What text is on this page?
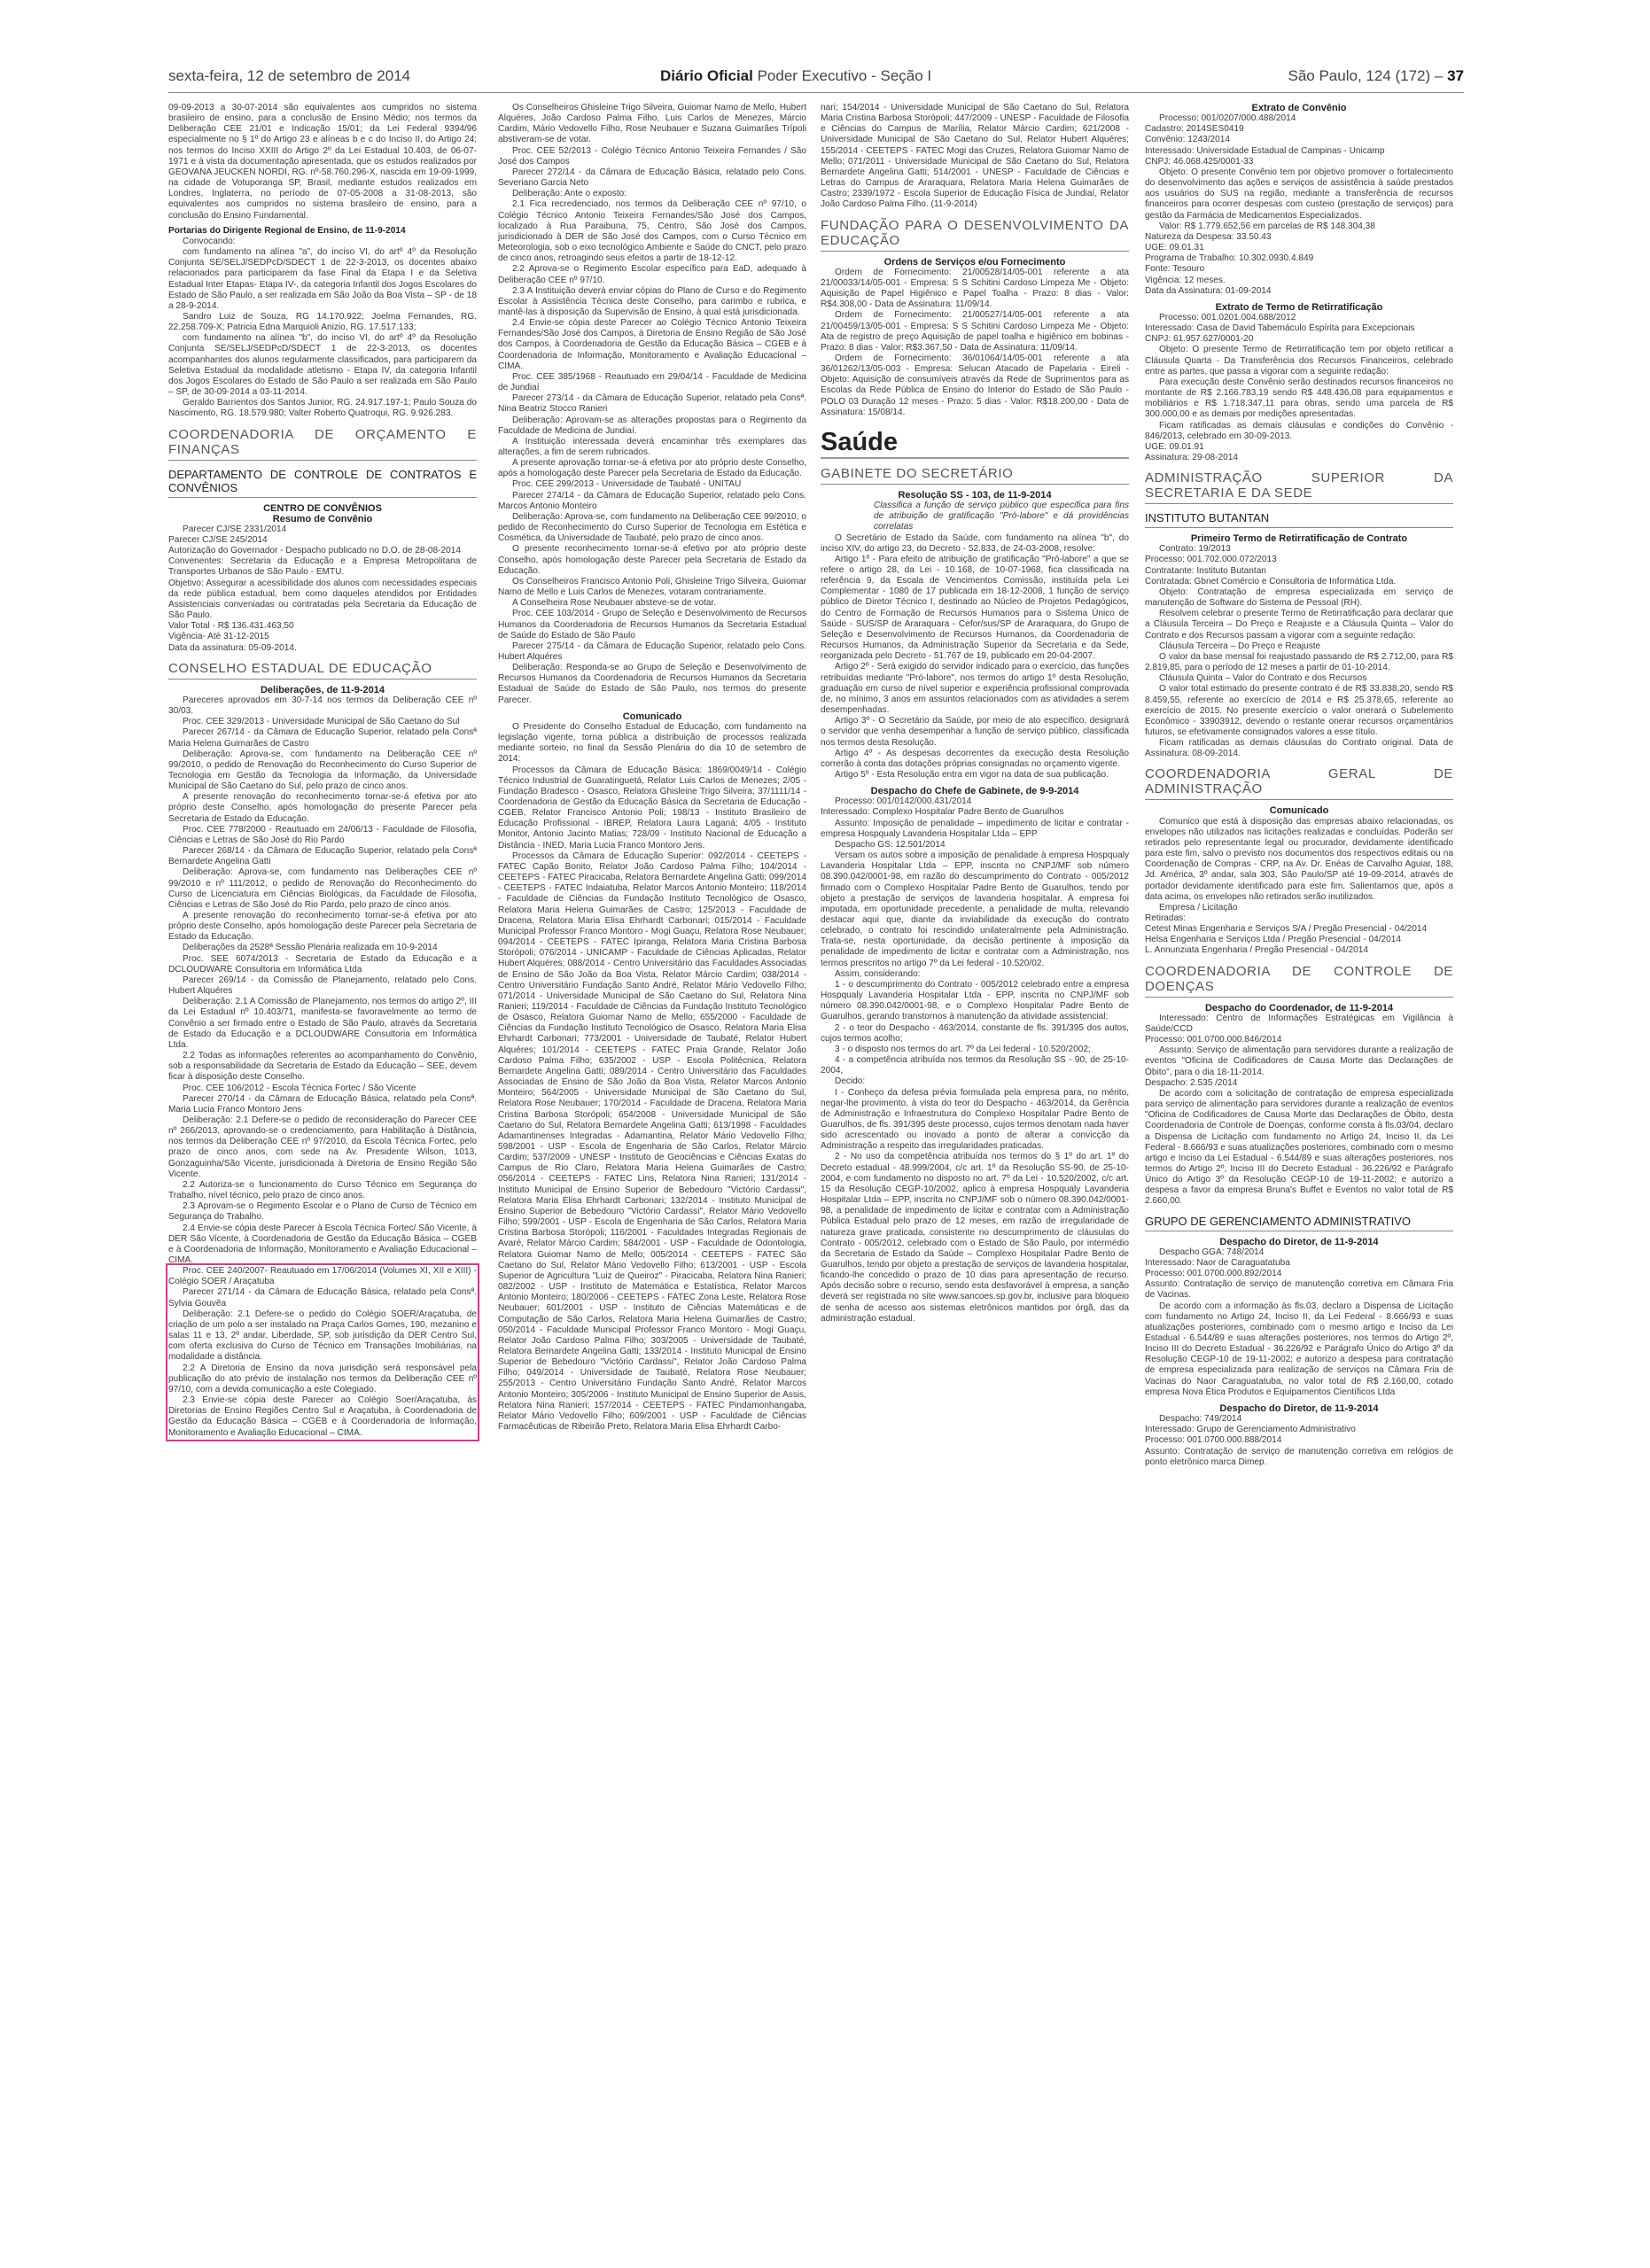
sexta-feira, 12 de setembro de 2014	Diário Oficial Poder Executivo - Seção I	São Paulo, 124 (172) – 37

09-09-2013 a 30-07-2014 são equivalentes aos cumpridos no sistema brasileiro de ensino, para a conclusão de Ensino Médio; nos termos da Deliberação CEE 21/01 e Indicação 15/01; da Lei Federal 9394/96 especialmente no § 1º do Artigo 23 e alíneas b e c do Inciso II, do Artigo 24; nos termos do Inciso XXIII do Artigo 2º da Lei Estadual 10.403, de 06-07-1971 e à vista da documentação apresentada, que os estudos realizados por GEOVANA JEUCKEN NORDI, RG. nº-58.760.296-X, nascida em 19-09-1999, na cidade de Votuporanga SP, Brasil, mediante estudos realizados em Londres, Inglaterra, no período de 07-05-2008 a 31-08-2013, são equivalentes aos cumpridos no sistema brasileiro de ensino, para a conclusão do Ensino Fundamental.

Portarias do Dirigente Regional de Ensino, de 11-9-2014

Convocando:

com fundamento na alínea "a", do inciso VI, do artº 4º da Resolução Conjunta SE/SELJ/SEDPcD/SDECT 1 de 22-3-2013, os docentes abaixo relacionados para participarem da fase Final da Etapa I e da Seletiva Estadual Inter Etapas- Etapa IV-, da categoria Infantil dos Jogos Escolares do Estado de São Paulo, a ser realizada em São João da Boa Vista – SP - de 18 a 28-9-2014.

Sandro Luiz de Souza, RG 14.170.922; Joelma Fernandes, RG. 22.258.709-X; Patricia Edna Marquioli Anizio, RG. 17.517.133;

com fundamento na alínea "b", do inciso VI, do artº 4º da Resolução Conjunta SE/SELJ/SEDPcD/SDECT 1 de 22-3-2013, os docentes acompanhantes dos alunos regularmente classificados, para participarem da Seletiva Estadual da modalidade atletismo - Etapa IV, da categoria Infantil dos Jogos Escolares do Estado de São Paulo a ser realizada em São Paulo – SP, de 30-09-2014 a 03-11-2014.

Geraldo Barrientos dos Santos Junior, RG. 24.917.197-1; Paulo Souza do Nascimento, RG. 18.579.980; Valter Roberto Quatroqui, RG. 9.926.283.

COORDENADORIA DE ORÇAMENTO E FINANÇAS
DEPARTAMENTO DE CONTROLE DE CONTRATOS E CONVÊNIOS

CENTRO DE CONVÊNIOS

Resumo de Convênio

Parecer CJ/SE 2331/2014
Parecer CJ/SE 245/2014
Autorização do Governador - Despacho publicado no D.O. de 28-08-2014
Convenentes: Secretaria da Educação e a Empresa Metropolitana de Transportes Urbanos de São Paulo - EMTU.
Objetivo: Assegurar a acessibilidade dos alunos com necessidades especiais da rede pública estadual, bem como daqueles atendidos por Entidades Assistenciais conveniadas ou contratadas pela Secretaria da Educação de São Paulo.
Valor Total - R$ 136.431.463,50
Vigência- Até 31-12-2015
Data da assinatura: 05-09-2014.

CONSELHO ESTADUAL DE EDUCAÇÃO

Deliberações, de 11-9-2014

Pareceres aprovados em 30-7-14 nos termos da Deliberação CEE nº 30/03.

Proc. CEE 329/2013 - Universidade Municipal de São Caetano do Sul

Parecer 267/14 - da Câmara de Educação Superior, relatado pela Consª Maria Helena Guimarães de Castro

Deliberação: Aprova-se, com fundamento na Deliberação CEE nº 99/2010, o pedido de Renovação do Reconhecimento do Curso Superior de Tecnologia em Gestão da Tecnologia da Informação, da Universidade Municipal de São Caetano do Sul, pelo prazo de cinco anos.

A presente renovação do reconhecimento tornar-se-á efetiva por ato próprio deste Conselho, após homologação do presente Parecer pela Secretaria de Estado da Educação.

Proc. CEE 778/2000 - Reautuado em 24/06/13 - Faculdade de Filosofia, Ciências e Letras de São José do Rio Pardo

Parecer 268/14 - da Câmara de Educação Superior, relatado pela Consª Bernardete Angelina Gatti

Deliberação: Aprova-se, com fundamento nas Deliberações CEE nº 99/2010 e nº 111/2012, o pedido de Renovação do Reconhecimento do Curso de Licenciatura em Ciências Biológicas, da Faculdade de Filosofia, Ciências e Letras de São José do Rio Pardo, pelo prazo de cinco anos.

A presente renovação do reconhecimento tornar-se-á efetiva por ato próprio deste Conselho, após homologação deste Parecer pela Secretaria de Estado da Educação.

Deliberações da 2528ª Sessão Plenária realizada em 10-9-2014

Proc. SEE 6074/2013 - Secretaria de Estado da Educação e a DCLOUDWARE Consultoria em Informática Ltda

Parecer 269/14 - da Comissão de Planejamento, relatado pelo Cons. Hubert Alquéres

Deliberação: 2.1 A Comissão de Planejamento, nos termos do artigo 2º, III da Lei Estadual nº 10.403/71, manifesta-se favoravelmente ao termo de Convênio a ser firmado entre o Estado de São Paulo, através da Secretaria de Estado da Educação e a DCLOUDWARE Consultoria em Informática Ltda.

2.2 Todas as informações referentes ao acompanhamento do Convênio, sob a responsabilidade da Secretaria de Estado da Educação – SEE, devem ficar à disposição deste Conselho.

Proc. CEE 106/2012 - Escola Técnica Fortec / São Vicente

Parecer 270/14 - da Câmara de Educação Básica, relatado pela Consª. Maria Lucia Franco Montoro Jens

Deliberação: 2.1 Defere-se o pedido de reconsideração do Parecer CEE nº 266/2013, aprovando-se o credenciamento, para Habilitação à Distância, nos termos da Deliberação CEE nº 97/2010, da Escola Técnica Fortec, pelo prazo de cinco anos, com sede na Av. Presidente Wilson, 1013, Gonzaguinha/São Vicente, jurisdicionada à Diretoria de Ensino Região São Vicente.

2.2 Autoriza-se o funcionamento do Curso Técnico em Segurança do Trabalho, nível técnico, pelo prazo de cinco anos.

2.3 Aprovam-se o Regimento Escolar e o Plano de Curso de Técnico em Segurança do Trabalho.

2.4 Envie-se cópia deste Parecer à Escola Técnica Fortec/ São Vicente, à DER São Vicente, à Coordenadoria de Gestão da Educação Básica – CGEB e à Coordenadoria de Informação, Monitoramento e Avaliação Educacional – CIMA.

Proc. CEE 240/2007- Reautuado em 17/06/2014 (Volumes XI, XII e XIII) - Colégio SOER / Araçatuba

Parecer 271/14 - da Câmara de Educação Básica, relatado pela Consª. Sylvia Gouvêa

Deliberação: 2.1 Defere-se o pedido do Colégio SOER/Araçatuba, de criação de um polo a ser instalado na Praça Carlos Gomes, 190, mezanino e salas 11 e 13, 2º andar, Liberdade, SP, sob jurisdição da DER Centro Sul, com oferta exclusiva do Curso de Técnico em Transações Imobiliárias, na modalidade a distância.

2.2 A Diretoria de Ensino da nova jurisdição será responsável pela publicação do ato prévio de instalação nos termos da Deliberação CEE nº 97/10, com a devida comunicação a este Colegiado.

2.3 Envie-se cópia deste Parecer ao Colégio Soer/Araçatuba, às Diretorias de Ensino Regiões Centro Sul e Araçatuba, à Coordenadoria de Gestão da Educação Básica – CGEB e à Coordenadoria de Informação, Monitoramento e Avaliação Educacional – CIMA.

Os Conselheiros Ghisleine Trigo Silveira, Guiomar Namo de Mello, Hubert Alquéres, João Cardoso Palma Filho, Luis Carlos de Menezes, Márcio Cardim, Mário Vedovello Filho, Rose Neubauer e Suzana Guimarães Trípoli abstiveram-se de votar.

Proc. CEE 52/2013 - Colégio Técnico Antonio Teixeira Fernandes / São José dos Campos

Parecer 272/14 - da Câmara de Educação Básica, relatado pelo Cons. Severiano Garcia Neto

Deliberação: Ante o exposto:

2.1 Fica recredenciado, nos termos da Deliberação CEE nº 97/10, o Colégio Técnico Antonio Teixeira Fernandes/São José dos Campos, localizado à Rua Paraibuna, 75, Centro, São José dos Campos, jurisdicionado à DER de São José dos Campos, com o Curso Técnico em Meteorologia, sob o eixo tecnológico Ambiente e Saúde do CNCT, pelo prazo de cinco anos, retroagindo seus efeitos a partir de 18-12-12.

2.2 Aprova-se o Regimento Escolar específico para EaD, adequado à Deliberação CEE nº 97/10.

2.3 A Instituição deverá enviar cópias do Plano de Curso e do Regimento Escolar à Assistência Técnica deste Conselho, para carimbo e rubrica, e mantê-las à disposição da Supervisão de Ensino, à qual está jurisdicionada.

2.4 Envie-se cópia deste Parecer ao Colégio Técnico Antonio Teixeira Fernandes/São José dos Campos, à Diretoria de Ensino Região de São José dos Campos, à Coordenadoria de Gestão da Educação Básica – CGEB e à Coordenadoria de Informação, Monitoramento e Avaliação Educacional – CIMA.

Proc. CEE 385/1968 - Reautuado em 29/04/14 - Faculdade de Medicina de Jundiaí

Parecer 273/14 - da Câmara de Educação Superior, relatado pela Consª. Nina Beatriz Stocco Ranieri

Deliberação: Aprovam-se as alterações propostas para o Regimento da Faculdade de Medicina de Jundiaí.

A Instituição interessada deverá encaminhar três exemplares das alterações, a fim de serem rubricados.

A presente aprovação tornar-se-á efetiva por ato próprio deste Conselho, após a homologação deste Parecer pela Secretaria de Estado da Educação.

Proc. CEE 299/2013 - Universidade de Taubaté - UNITAU

Parecer 274/14 - da Câmara de Educação Superior, relatado pelo Cons. Marcos Antonio Monteiro

Deliberação: Aprova-se, com fundamento na Deliberação CEE 99/2010, o pedido de Reconhecimento do Curso Superior de Tecnologia em Estética e Cosmética, da Universidade de Taubaté, pelo prazo de cinco anos.

O presente reconhecimento tornar-se-á efetivo por ato próprio deste Conselho, após homologação deste Parecer pela Secretaria de Estado da Educação.

Os Conselheiros Francisco Antonio Poli, Ghisleine Trigo Silveira, Guiomar Namo de Mello e Luis Carlos de Menezes, votaram contrariamente.

A Conselheira Rose Neubauer absteve-se de votar.

Proc. CEE 103/2014 - Grupo de Seleção e Desenvolvimento de Recursos Humanos da Coordenadoria de Recursos Humanos da Secretaria Estadual de Saúde do Estado de São Paulo

Parecer 275/14 - da Câmara de Educação Superior, relatado pelo Cons. Hubert Alquéres

Deliberação: Responda-se ao Grupo de Seleção e Desenvolvimento de Recursos Humanos da Coordenadoria de Recursos Humanos da Secretaria Estadual de Saúde do Estado de São Paulo, nos termos do presente Parecer.

Comunicado

O Presidente do Conselho Estadual de Educação, com fundamento na legislação vigente, torna pública a distribuição de processos realizada mediante sorteio, no final da Sessão Plenária do dia 10 de setembro de 2014:

Processos da Câmara de Educação Básica: 1869/0049/14 - Colégio Técnico Industrial de Guaratinguetá, Relator Luis Carlos de Menezes; 2/05 - Fundação Bradesco - Osasco, Relatora Ghisleine Trigo Silveira; 37/1111/14 - Coordenadoria de Gestão da Educação Básica da Secretaria de Educação - CGEB, Relator Francisco Antonio Poli; 198/13 - Instituto Brasileiro de Educação Profissional - IBREP, Relatora Laura Laganá; 4/05 - Instituto Monitor, Antonio Jacinto Matias; 728/09 - Instituto Nacional de Educação a Distância - INED, Maria Lucia Franco Montoro Jens.

Processos da Câmara de Educação Superior: 092/2014 - CEETEPS - FATEC Capão Bonito, Relator João Cardoso Palma Filho; 104/2014 - CEETEPS - FATEC Piracicaba, Relatora Bernardete Angelina Gatti; 099/2014 - CEETEPS - FATEC Indaiatuba, Relator Marcos Antonio Monteiro; 118/2014 - Faculdade de Ciências da Fundação Instituto Tecnológico de Osasco, Relatora Maria Helena Guimarães de Castro; 125/2013 - Faculdade de Dracena, Relatora Maria Elisa Ehrhardt Carbonari; 015/2014 - Faculdade Municipal Professor Franco Montoro - Mogi Guaçu, Relatora Rose Neubauer; 094/2014 - CEETEPS - FATEC Ipiranga, Relatora Maria Cristina Barbosa Storópoli; 076/2014 - UNICAMP - Faculdade de Ciências Aplicadas, Relator Hubert Alquéres; 088/2014 - Centro Universitário das Faculdades Associadas de Ensino de São João da Boa Vista, Relator Márcio Cardim; 038/2014 - Centro Universitário Fundação Santo André, Relator Mário Vedovello Filho; 071/2014 - Universidade Municipal de São Caetano do Sul, Relatora Nina Ranieri; 119/2014 - Faculdade de Ciências da Fundação Instituto Tecnológico de Osasco, Relatora Guiomar Namo de Mello; 655/2000 - Faculdade de Ciências da Fundação Instituto Tecnológico de Osasco, Relatora Maria Elisa Ehrhardt Carbonari; 773/2001 - Universidade de Taubaté, Relator Hubert Alquéres; 101/2014 - CEETEPS - FATEC Praia Grande, Relator João Cardoso Palma Filho; 635/2002 - USP - Escola Politécnica, Relatora Bernardete Angelina Gatti; 089/2014 - Centro Universitário das Faculdades Associadas de Ensino de São João da Boa Vista, Relator Marcos Antonio Monteiro; 564/2005 - Universidade Municipal de São Caetano do Sul, Relatora Rose Neubauer; 170/2014 - Faculdade de Dracena, Relatora Maria Cristina Barbosa Storópoli; 654/2008 - Universidade Municipal de São Caetano do Sul, Relatora Bernardete Angelina Gatti; 613/1998 - Faculdades Adamantinenses Integradas - Adamantina, Relator Mário Vedovello Filho; 598/2001 - USP - Escola de Engenharia de São Carlos, Relator Márcio Cardim; 537/2009 - UNESP - Instituto de Geociências e Ciências Exatas do Campus de Rio Claro, Relatora Maria Helena Guimarães de Castro; 056/2014 - CEETEPS - FATEC Lins, Relatora Nina Ranieri; 131/2014 - Instituto Municipal de Ensino Superior de Bebedouro "Victório Cardassi", Relatora Maria Elisa Ehrhardt Carbonari; 132/2014 - Instituto Municipal de Ensino Superior de Bebedouro "Victório Cardassi", Relator Mário Vedovello Filho; 599/2001 - USP - Escola de Engenharia de São Carlos, Relatora Maria Cristina Barbosa Storópoli; 116/2001 - Faculdades Integradas Regionais de Avaré, Relator Márcio Cardim; 584/2001 - USP - Faculdade de Odontologia, Relatora Guiomar Namo de Mello; 005/2014 - CEETEPS - FATEC São Caetano do Sul, Relator Mário Vedovello Filho; 613/2001 - USP - Escola Superior de Agricultura "Luiz de Queiroz" - Piracicaba, Relatora Nina Ranieri; 082/2002 - USP - Instituto de Matemática e Estatística, Relator Marcos Antonio Monteiro; 180/2006 - CEETEPS - FATEC Zona Leste, Relatora Rose Neubauer; 601/2001 - USP - Instituto de Ciências Matemáticas e de Computação de São Carlos, Relatora Maria Helena Guimarães de Castro; 050/2014 - Faculdade Municipal Professor Franco Montoro - Mogi Guaçu, Relator João Cardoso Palma Filho; 303/2005 - Universidade de Taubaté, Relatora Bernardete Angelina Gatti; 133/2014 - Instituto Municipal de Ensino Superior de Bebedouro "Victório Cardassi", Relator João Cardoso Palma Filho; 049/2014 - Universidade de Taubaté, Relatora Rose Neubauer; 255/2013 - Centro Universitário Fundação Santo André, Relator Marcos Antonio Monteiro; 305/2006 - Instituto Municipal de Ensino Superior de Assis, Relatora Nina Ranieri; 157/2014 - CEETEPS - FATEC Pindamonhangaba, Relator Mário Vedovello Filho; 609/2001 - USP - Faculdade de Ciências Farmacêuticas de Ribeirão Preto, Relatora Maria Elisa Ehrhardt Carbo-

nari; 154/2014 - Universidade Municipal de São Caetano do Sul, Relatora Maria Cristina Barbosa Storópoli; 447/2009 - UNESP - Faculdade de Filosofia e Ciências do Campus de Marília, Relator Márcio Cardim; 621/2008 - Universidade Municipal de São Caetano do Sul, Relator Hubert Alquéres; 155/2014 - CEETEPS - FATEC Mogi das Cruzes, Relatora Guiomar Namo de Mello; 071/2011 - Universidade Municipal de São Caetano do Sul, Relatora Bernardete Angelina Gatti; 514/2001 - UNESP - Faculdade de Ciências e Letras do Campus de Araraquara, Relatora Maria Helena Guimarães de Castro; 2339/1972 - Escola Superior de Educação Física de Jundiaí, Relator João Cardoso Palma Filho. (11-9-2014)

FUNDAÇÃO PARA O DESENVOLVIMENTO DA EDUCAÇÃO

Ordens de Serviços e/ou Fornecimento

Ordem de Fornecimento: 21/00528/14/05-001 referente a ata 21/00033/14/05-001 - Empresa: S S Schitini Cardoso Limpeza Me - Objeto: Aquisição de Papel Higiênico e Papel Toalha - Prazo: 8 dias - Valor: R$4.308,00 - Data de Assinatura: 11/09/14.

Ordem de Fornecimento: 21/00527/14/05-001 referente a ata 21/00459/13/05-001 - Empresa: S S Schitini Cardoso Limpeza Me - Objeto: Ata de registro de preço Aquisição de papel toalha e higiênico em bobinas - Prazo: 8 dias - Valor: R$3.367,50 - Data de Assinatura: 11/09/14.

Ordem de Fornecimento: 36/01064/14/05-001 referente a ata 36/01262/13/05-003 - Empresa: Selucan Atacado de Papelaria - Eireli - Objeto: Aquisição de consumíveis através da Rede de Suprimentos para as Escolas da Rede Pública de Ensino do Interior do Estado de São Paulo - POLO 03 Duração 12 meses - Prazo: 5 dias - Valor: R$18.200,00 - Data de Assinatura: 15/08/14.

Saúde
GABINETE DO SECRETÁRIO

Resolução SS - 103, de 11-9-2014

Classifica a função de serviço público que especifica para fins de atribuição de gratificação "Pró-labore" e dá providências correlatas

O Secretário de Estado da Saúde, com fundamento na alínea "b", do inciso XIV, do artigo 23, do Decreto - 52.833, de 24-03-2008, resolve:

Artigo 1º - Para efeito de atribuição de gratificação "Pró-labore" a que se refere o artigo 28, da Lei - 10.168, de 10-07-1968, fica classificada na referência 9, da Escala de Vencimentos Comissão, instituída pela Lei Complementar - 1080 de 17 publicada em 18-12-2008, 1 função de serviço público de Diretor Técnico I, destinado ao Núcleo de Projetos Pedagógicos, do Centro de Formação de Recursos Humanos para o Sistema Único de Saúde - SUS/SP de Araraquara - Cefor/sus/SP de Araraquara, do Grupo de Seleção e Desenvolvimento de Recursos Humanos, da Coordenadoria de Recursos Humanos, da Administração Superior da Secretaria e da Sede, reorganizada pelo Decreto - 51.767 de 19, publicado em 20-04-2007.

Artigo 2º - Será exigido do servidor indicado para o exercício, das funções retribuídas mediante "Pró-labore", nos termos do artigo 1º desta Resolução, graduação em curso de nível superior e experiência profissional comprovada de, no mínimo, 3 anos em assuntos relacionados com as atividades a serem desempenhadas.

Artigo 3º - O Secretário da Saúde, por meio de ato específico, designará o servidor que venha desempenhar a função de serviço público, classificada nos termos desta Resolução.

Artigo 4º - As despesas decorrentes da execução desta Resolução correrão à conta das dotações próprias consignadas no orçamento vigente.

Artigo 5º - Esta Resolução entra em vigor na data de sua publicação.

Despacho do Chefe de Gabinete, de 9-9-2014

Processo: 001/0142/000.431/2014
Interessado: Complexo Hospitalar Padre Bento de Guarulhos

Assunto: Imposição de penalidade – impedimento de licitar e contratar - empresa Hospqualy Lavanderia Hospitalar Ltda – EPP

Despacho GS: 12.501/2014

Versam os autos sobre a imposição de penalidade à empresa Hospqualy Lavanderia Hospitalar Ltda – EPP, inscrita no CNPJ/MF sob número 08.390.042/0001-98, em razão do descumprimento do Contrato - 005/2012 firmado com o Complexo Hospitalar Padre Bento de Guarulhos, tendo por objeto a prestação de serviços de lavanderia hospitalar. À empresa foi imputada, em oportunidade precedente, a penalidade de multa, relevando destacar aqui que, diante da inviabilidade da execução do contrato celebrado, o contrato foi rescindido unilateralmente pela Administração. Trata-se, nesta oportunidade, da decisão pertinente à imposição da penalidade de impedimento de licitar e contratar com a Administração, nos termos prescritos no artigo 7º da Lei federal - 10.520/02.

Assim, considerando:

1 - o descumprimento do Contrato - 005/2012 celebrado entre a empresa Hospqualy Lavanderia Hospitalar Ltda - EPP, inscrita no CNPJ/MF sob número 08.390.042/0001-98, e o Complexo Hospitalar Padre Bento de Guarulhos, gerando transtornos à manutenção da atividade assistencial;

2 - o teor do Despacho - 463/2014, constante de fls. 391/395 dos autos, cujos termos acolho;

3 - o disposto nos termos do art. 7º da Lei federal - 10.520/2002;

4 - a competência atribuída nos termos da Resolução SS - 90, de 25-10-2004,

Decido:

I - Conheço da defesa prévia formulada pela empresa para, no mérito, negar-lhe provimento, à vista do teor do Despacho - 463/2014, da Gerência de Administração e Infraestrutura do Complexo Hospitalar Padre Bento de Guarulhos, de fls. 391/395 deste processo, cujos termos denotam nada haver sido acrescentado ou inovado a ponto de alterar a convicção da Administração a respeito das irregularidades praticadas.

2 - No uso da competência atribuída nos termos do § 1º do art. 1º do Decreto estadual - 48.999/2004, c/c art. 1º da Resolução SS-90, de 25-10-2004, e com fundamento no disposto no art. 7º da Lei - 10.520/2002, c/c art. 15 da Resolução CEGP-10/2002, aplico à empresa Hospqualy Lavanderia Hospitalar Ltda – EPP, inscrita no CNPJ/MF sob o número 08.390.042/0001-98, a penalidade de impedimento de licitar e contratar com a Administração Pública Estadual pelo prazo de 12 meses, em razão de irregularidade de natureza grave praticada, consistente no descumprimento de cláusulas do Contrato - 005/2012, celebrado com o Estado de São Paulo, por intermédio da Secretaria de Estado da Saúde – Complexo Hospitalar Padre Bento de Guarulhos, tendo por objeto a prestação de serviços de lavanderia hospitalar, ficando-lhe concedido o prazo de 10 dias para apresentação de recurso. Após decisão sobre o recurso, sendo esta desfavorável à empresa, a sanção deverá ser registrada no site www.sancoes.sp.gov.br, inclusive para bloqueio de senha de acesso aos sistemas eletrônicos mantidos por órgã, das da administração estadual.

Extrato de Convênio

Processo: 001/0207/000.488/2014
Cadastro: 2014SES0419
Convênio: 1243/2014
Interessado: Universidade Estadual de Campinas - Unicamp
CNPJ: 46.068.425/0001-33

Objeto: O presente Convênio tem por objetivo promover o fortalecimento do desenvolvimento das ações e serviços de assistência à saúde prestados aos usuários do SUS na região, mediante a transferência de recursos financeiros para ocorrer despesas com custeio (prestação de serviços) para gestão da Farmácia de Medicamentos Especializados.

Valor: R$ 1.779.652,56 em parcelas de R$ 148.304,38
Natureza da Despesa: 33.50.43
UGE: 09.01.31
Programa de Trabalho: 10.302.0930.4.849
Fonte: Tesouro
Vigência: 12 meses.
Data da Assinatura: 01-09-2014

Extrato de Termo de Retirratificação

Processo: 001.0201.004.688/2012
Interessado: Casa de David Tabernáculo Espírita para Excepcionais
CNPJ: 61.957.627/0001-20

Objeto: O presente Termo de Retirratificação tem por objeto retificar a Cláusula Quarta - Da Transferência dos Recursos Financeiros, celebrado entre as partes, que passa a vigorar com a seguinte redação:

Para execução deste Convênio serão destinados recursos financeiros no montante de R$ 2.166.783,19 sendo R$ 448.436,08 para equipamentos e mobiliários e R$ 1.718.347,11 para obras, sendo uma parcela de R$ 300.000,00 e as demais por medições apresentadas.

Ficam ratificadas as demais cláusulas e condições do Convênio - 846/2013, celebrado em 30-09-2013.
UGE: 09.01.91
Assinatura: 29-08-2014

ADMINISTRAÇÃO SUPERIOR DA SECRETARIA E DA SEDE
INSTITUTO BUTANTAN

Primeiro Termo de Retirratificação de Contrato

Contrato: 19/2013
Processo: 001.702.000.072/2013
Contratante: Instituto Butantan
Contratada: Gbnet Comércio e Consultoria de Informática Ltda.

Objeto: Contratação de empresa especializada em serviço de manutenção de Software do Sistema de Pessoal (RH).

Resolvem celebrar o presente Termo de Retirratificação para declarar que a Cláusula Terceira – Do Preço e Reajuste e a Cláusula Quinta – Valor do Contrato e dos Recursos passam a vigorar com a seguinte redação:

Cláusula Terceira – Do Preço e Reajuste

O valor da base mensal foi reajustado passando de R$ 2.712,00, para R$ 2.819,85, para o período de 12 meses a partir de 01-10-2014.

Cláusula Quinta – Valor do Contrato e dos Recursos

O valor total estimado do presente contrato é de R$ 33.838,20, sendo R$ 8.459,55, referente ao exercício de 2014 e R$ 25.378,65, referente ao exercício de 2015. No presente exercício o valor onerará o Subelemento Econômico - 33903912, devendo o restante onerar recursos orçamentários futuros, se efetivamente consignados valores a esse título.

Ficam ratificadas as demais cláusulas do Contrato original. Data de Assinatura: 08-09-2014.

COORDENADORIA GERAL DE ADMINISTRAÇÃO

Comunicado

Comunico que está à disposição das empresas abaixo relacionadas, os envelopes não utilizados nas licitações realizadas e concluídas. Poderão ser retirados pelo representante legal ou procurador, devidamente identificado para este fim, salvo o previsto nos documentos dos respectivos editais ou na Coordenação de Compras - CRP, na Av. Dr. Enéas de Carvalho Aguiar, 188, Jd. América, 3º andar, sala 303, São Paulo/SP até 19-09-2014, através de portador devidamente identificado para este fim. Salientamos que, após a data acima, os envelopes não retirados serão inutilizados.

Empresa / Licitação
Retiradas:
Cetest Minas Engenharia e Serviços S/A / Pregão Presencial - 04/2014
Helsa Engenharia e Serviços Ltda / Pregão Presencial - 04/2014
L. Annunziata Engenharia / Pregão Presencial - 04/2014

COORDENADORIA DE CONTROLE DE DOENÇAS

Despacho do Coordenador, de 11-9-2014

Interessado: Centro de Informações Estratégicas em Vigilância à Saúde/CCD
Processo: 001.0700.000.846/2014

Assunto: Serviço de alimentação para servidores durante a realização de eventos "Oficina de Codificadores de Causa Morte das Declarações de Óbito", para o dia 18-11-2014.
Despacho: 2.535 /2014

De acordo com a solicitação de contratação de empresa especializada para serviço de alimentação para servidores durante a realização de eventos "Oficina de Codificadores de Causa Morte das Declarações de Óbito, desta Coordenadoria de Controle de Doenças, conforme consta à fls.03/04, declaro a Dispensa de Licitação com fundamento no Artigo 24, Inciso II, da Lei Federal - 8.666/93 e suas atualizações posteriores, combinado com o mesmo artigo e Inciso da Lei Estadual - 6.544/89 e suas alterações posteriores, nos termos do Artigo 2º, Inciso III do Decreto Estadual - 36.226/92 e Parágrafo Único do Artigo 3º da Resolução CEGP-10 de 19-11-2002; e autorizo a despesa a favor da empresa Bruna's Buffet e Eventos no valor total de R$ 2.660,00.

GRUPO DE GERENCIAMENTO ADMINISTRATIVO

Despacho do Diretor, de 11-9-2014

Despacho GGA: 748/2014
Interessado: Naor de Caraguatatuba
Processo: 001.0700.000.892/2014
Assunto: Contratação de serviço de manutenção corretiva em Câmara Fria de Vacinas.

De acordo com a informação às fls.03, declaro a Dispensa de Licitação com fundamento no Artigo 24, Inciso II, da Lei Federal - 8.666/93 e suas atualizações posteriores, combinado com o mesmo artigo e Inciso da Lei Estadual - 6.544/89 e suas alterações posteriores, nos termos do Artigo 2º, Inciso III do Decreto Estadual - 36.226/92 e Parágrafo Único do Artigo 3º da Resolução CEGP-10 de 19-11-2002; e autorizo a despesa para contratação de empresa especializada para realização de serviços na Câmara Fria de Vacinas do Naor Caraguatatuba, no valor total de R$ 2.160,00, cotado empresa Nova Ética Produtos e Equipamentos Científicos Ltda

Despacho do Diretor, de 11-9-2014

Despacho: 749/2014
Interessado: Grupo de Gerenciamento Administrativo
Processo: 001.0700.000.888/2014
Assunto: Contratação de serviço de manutenção corretiva em relógios de ponto eletrônico marca Dimep.
